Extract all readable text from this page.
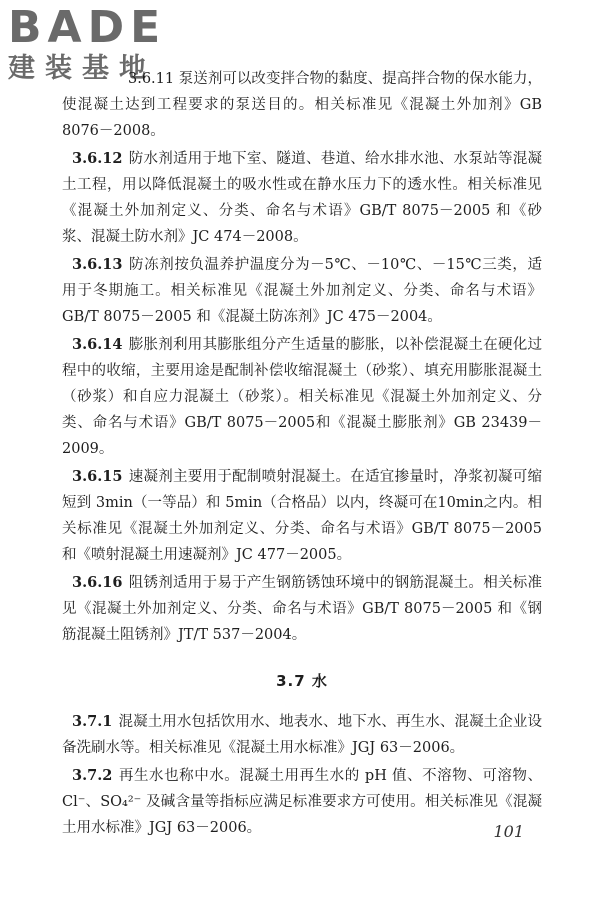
BADE
建装基地

3.6.11 泵送剂可以改变拌合物的黏度、提高拌合物的保水能力，使混凝土达到工程要求的泵送目的。相关标准见《混凝土外加剂》GB 8076－2008。

3.6.12 防水剂适用于地下室、隧道、巷道、给水排水池、水泵站等混凝土工程，用以降低混凝土的吸水性或在静水压力下的透水性。相关标准见《混凝土外加剂定义、分类、命名与术语》GB/T 8075－2005 和《砂浆、混凝土防水剂》JC 474－2008。

3.6.13 防冻剂按负温养护温度分为－5℃、－10℃、－15℃三类，适用于冬期施工。相关标准见《混凝土外加剂定义、分类、命名与术语》GB/T 8075－2005 和《混凝土防冻剂》JC 475－2004。

3.6.14 膨胀剂利用其膨胀组分产生适量的膨胀，以补偿混凝土在硬化过程中的收缩，主要用途是配制补偿收缩混凝土（砂浆）、填充用膨胀混凝土（砂浆）和自应力混凝土（砂浆）。相关标准见《混凝土外加剂定义、分类、命名与术语》GB/T 8075－2005和《混凝土膨胀剂》GB 23439－2009。

3.6.15 速凝剂主要用于配制喷射混凝土。在适宜掺量时，净浆初凝可缩短到 3min（一等品）和 5min（合格品）以内，终凝可在10min之内。相关标准见《混凝土外加剂定义、分类、命名与术语》GB/T 8075－2005 和《喷射混凝土用速凝剂》JC 477－2005。

3.6.16 阻锈剂适用于易于产生钢筋锈蚀环境中的钢筋混凝土。相关标准见《混凝土外加剂定义、分类、命名与术语》GB/T 8075－2005 和《钢筋混凝土阻锈剂》JT/T 537－2004。

3.7 水

3.7.1 混凝土用水包括饮用水、地表水、地下水、再生水、混凝土企业设备洗刷水等。相关标准见《混凝土用水标准》JGJ 63－2006。

3.7.2 再生水也称中水。混凝土用再生水的 pH 值、不溶物、可溶物、Cl⁻、SO₄²⁻ 及碱含量等指标应满足标准要求方可使用。相关标准见《混凝土用水标准》JGJ 63－2006。	101
